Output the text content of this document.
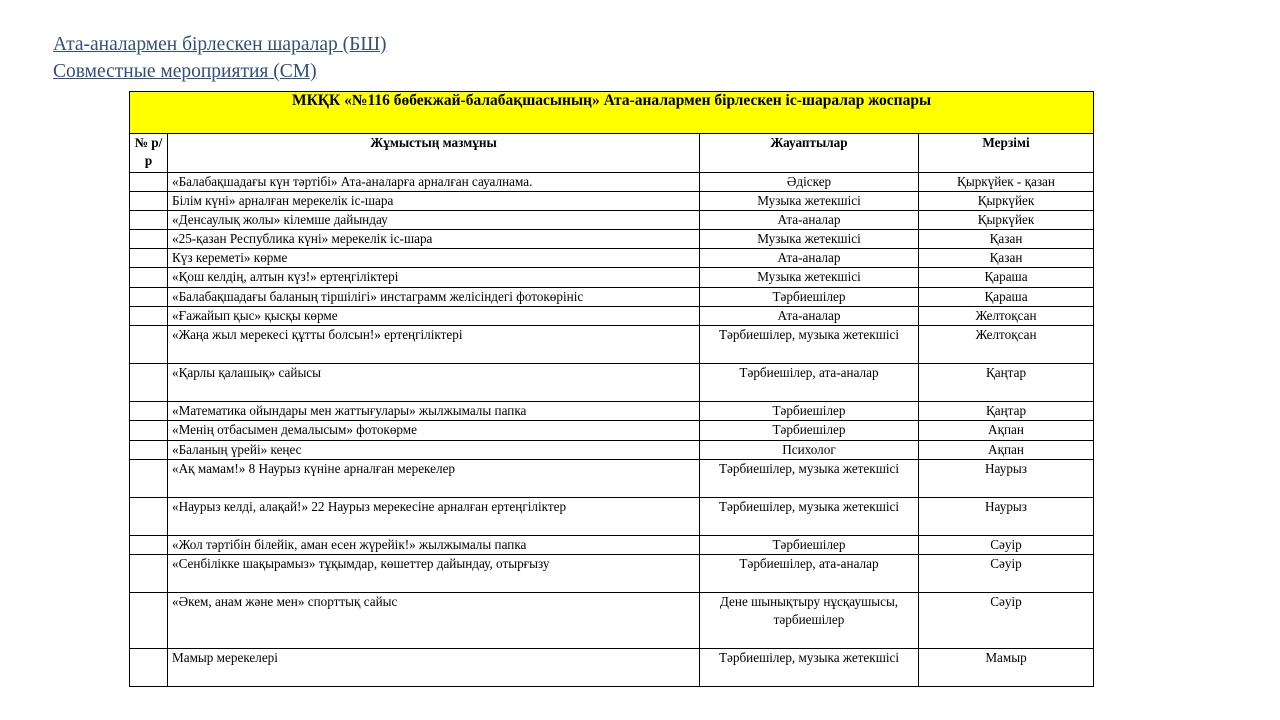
Ата-аналармен бірлескен шаралар (БШ)
Совместные мероприятия (СМ)
МКҚК «№116 бөбекжай-балабақшасының» Ата-аналармен бірлескен іс-шаралар жоспары			
№ р/р	Жұмыстың мазмұны	Жауаптылар	Мерзімі
	«Балабақшадағы күн тәртібі» Ата-аналарға арналған сауалнама.	Әдіскер	Қыркүйек - қазан
	Білім күні» арналған мерекелік іс-шара	Музыка жетекшісі	Қыркүйек
	«Денсаулық жолы» кілемше дайындау	Ата-аналар	Қыркүйек
	«25-қазан Республика күні» мерекелік іс-шара	Музыка жетекшісі	Қазан
	Күз кереметі» көрме	Ата-аналар	Қазан
	«Қош келдің, алтын күз!» ертеңгіліктері	Музыка жетекшісі	Қараша
	«Балабақшадағы баланың тіршілігі» инстаграмм желісіндегі фотокөрініс	Тәрбиешілер	Қараша
	«Ғажайып қыс» қысқы көрме	Ата-аналар	Желтоқсан
	«Жаңа жыл мерекесі құтты болсын!» ертеңгіліктері	Тәрбиешілер, музыка жетекшісі	Желтоқсан
	«Қарлы қалашық» сайысы	Тәрбиешілер, ата-аналар	Қаңтар
	«Математика ойындары мен жаттығулары» жылжымалы папка	Тәрбиешілер	Қаңтар
	«Менің отбасымен демалысым» фотокөрме	Тәрбиешілер	Ақпан
	«Баланың үрейі» кеңес	Психолог	Ақпан
	«Ақ мамам!» 8 Наурыз күніне арналған мерекелер	Тәрбиешілер, музыка жетекшісі	Наурыз
	«Наурыз келді, алақай!» 22 Наурыз мерекесіне арналған ертеңгіліктер	Тәрбиешілер, музыка жетекшісі	Наурыз
	«Жол тәртібін білейік, аман есен жүрейік!» жылжымалы папка	Тәрбиешілер	Сәуір
	«Сенбілікке шақырамыз» тұқымдар, көшеттер дайындау, отырғызу	Тәрбиешілер, ата-аналар	Сәуір
	«Әкем, анам және мен» спорттық сайыс	Дене шынықтыру нұсқаушысы, тәрбиешілер	Сәуір
	Мамыр мерекелері	Тәрбиешілер, музыка жетекшісі	Мамыр
